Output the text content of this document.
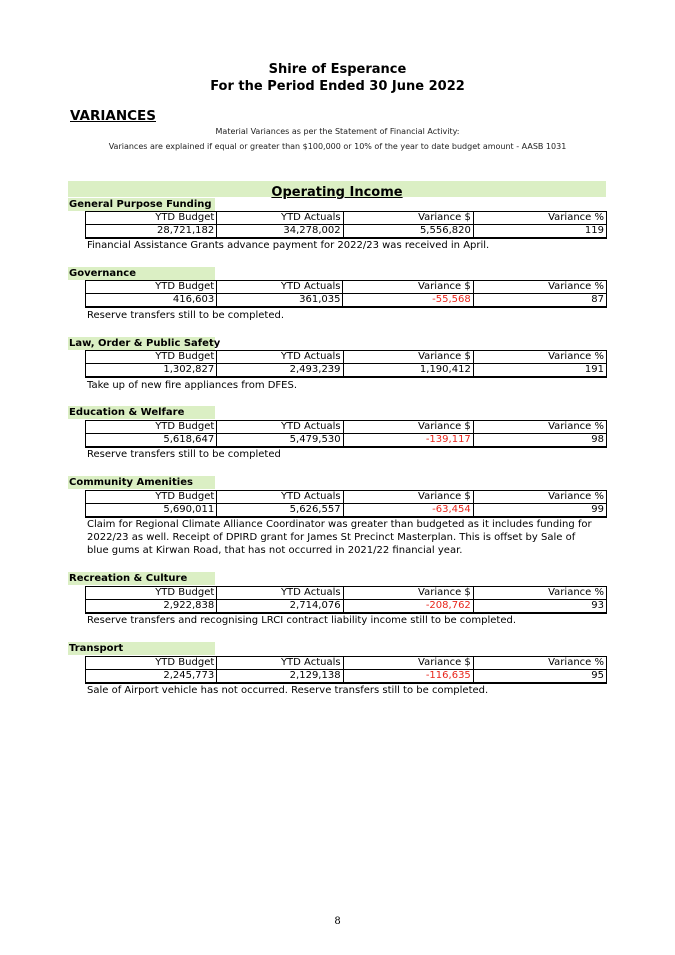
Shire of Esperance
For the Period Ended 30 June 2022
VARIANCES
Material Variances as per the Statement of Financial Activity:
Variances are explained if equal or greater than $100,000 or 10% of the year to date budget amount - AASB 1031
Operating Income
General Purpose Funding
YTD Budget	YTD Actuals	Variance $	Variance %
28,721,182	34,278,002	5,556,820	119
Financial Assistance Grants advance payment for 2022/23 was received in April.
Governance
YTD Budget	YTD Actuals	Variance $	Variance %
416,603	361,035	-55,568	87
Reserve transfers still to be completed.
Law, Order & Public Safety
YTD Budget	YTD Actuals	Variance $	Variance %
1,302,827	2,493,239	1,190,412	191
Take up of new fire appliances from DFES.
Education & Welfare
YTD Budget	YTD Actuals	Variance $	Variance %
5,618,647	5,479,530	-139,117	98
Reserve transfers still to be completed
Community Amenities
YTD Budget	YTD Actuals	Variance $	Variance %
5,690,011	5,626,557	-63,454	99
Claim for Regional Climate Alliance Coordinator was greater than budgeted as it includes funding for
2022/23 as well. Receipt of DPIRD grant for James St Precinct Masterplan. This is offset by Sale of
blue gums at Kirwan Road, that has not occurred in 2021/22 financial year.
Recreation & Culture
YTD Budget	YTD Actuals	Variance $	Variance %
2,922,838	2,714,076	-208,762	93
Reserve transfers and recognising LRCI contract liability income still to be completed.
Transport
YTD Budget	YTD Actuals	Variance $	Variance %
2,245,773	2,129,138	-116,635	95
Sale of Airport vehicle has not occurred. Reserve transfers still to be completed.
8
